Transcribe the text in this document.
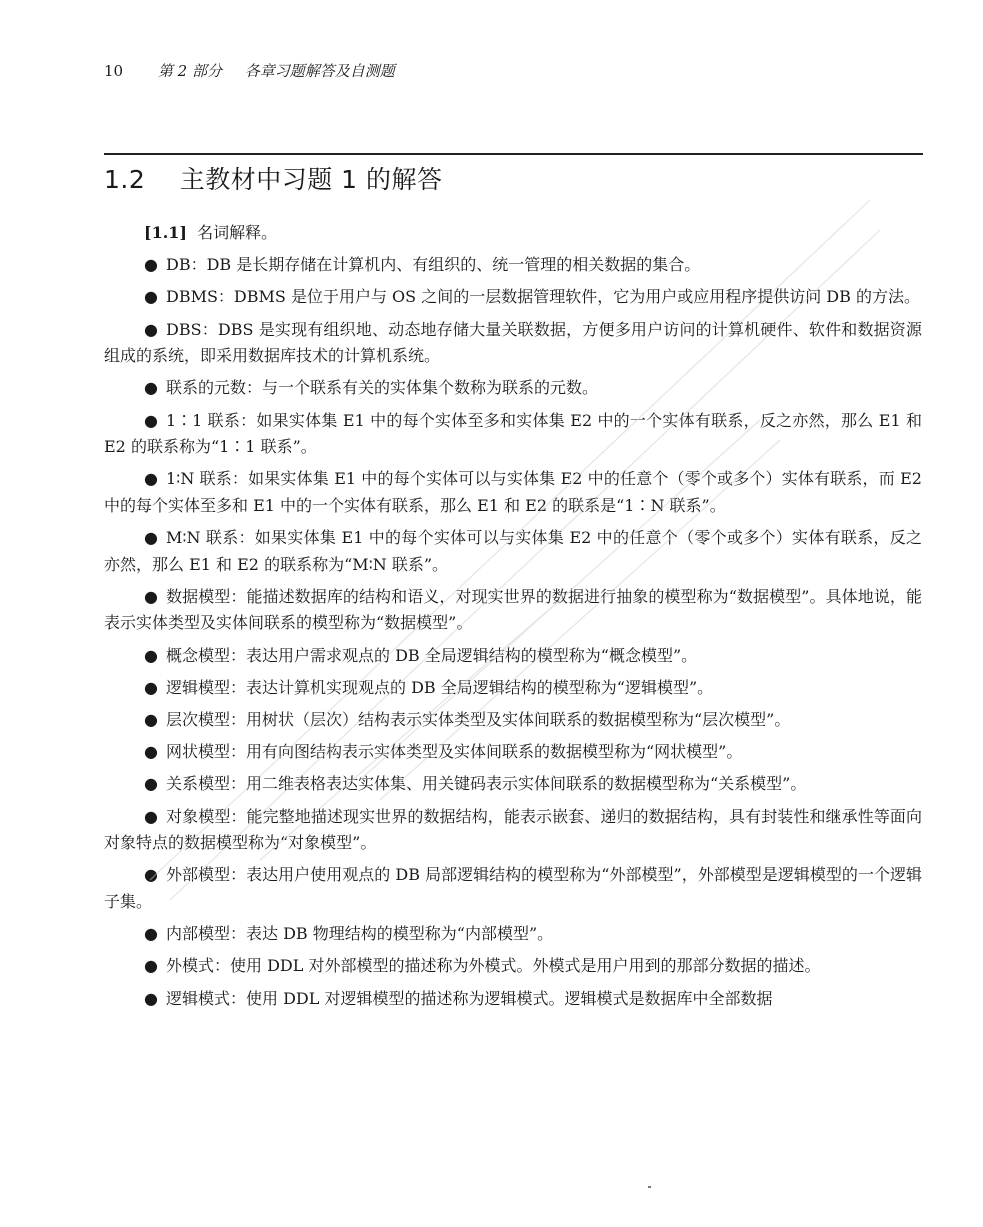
10 第 2 部分 各章习题解答及自测题
1.2 主教材中习题 1 的解答

[1.1] 名词解释。

● DB：DB 是长期存储在计算机内、有组织的、统一管理的相关数据的集合。

● DBMS：DBMS 是位于用户与 OS 之间的一层数据管理软件，它为用户或应用程序提供访问 DB 的方法。

● DBS：DBS 是实现有组织地、动态地存储大量关联数据，方便多用户访问的计算机硬件、软件和数据资源组成的系统，即采用数据库技术的计算机系统。

● 联系的元数：与一个联系有关的实体集个数称为联系的元数。

● 1∶1 联系：如果实体集 E1 中的每个实体至多和实体集 E2 中的一个实体有联系，反之亦然，那么 E1 和 E2 的联系称为“1∶1 联系”。

● 1∶N 联系：如果实体集 E1 中的每个实体可以与实体集 E2 中的任意个（零个或多个）实体有联系，而 E2 中的每个实体至多和 E1 中的一个实体有联系，那么 E1 和 E2 的联系是“1∶N 联系”。

● M∶N 联系：如果实体集 E1 中的每个实体可以与实体集 E2 中的任意个（零个或多个）实体有联系，反之亦然，那么 E1 和 E2 的联系称为“M∶N 联系”。

● 数据模型：能描述数据库的结构和语义，对现实世界的数据进行抽象的模型称为“数据模型”。具体地说，能表示实体类型及实体间联系的模型称为“数据模型”。

● 概念模型：表达用户需求观点的 DB 全局逻辑结构的模型称为“概念模型”。

● 逻辑模型：表达计算机实现观点的 DB 全局逻辑结构的模型称为“逻辑模型”。

● 层次模型：用树状（层次）结构表示实体类型及实体间联系的数据模型称为“层次模型”。

● 网状模型：用有向图结构表示实体类型及实体间联系的数据模型称为“网状模型”。

● 关系模型：用二维表格表达实体集、用关键码表示实体间联系的数据模型称为“关系模型”。

● 对象模型：能完整地描述现实世界的数据结构，能表示嵌套、递归的数据结构，具有封装性和继承性等面向对象特点的数据模型称为“对象模型”。

● 外部模型：表达用户使用观点的 DB 局部逻辑结构的模型称为“外部模型”，外部模型是逻辑模型的一个逻辑子集。

● 内部模型：表达 DB 物理结构的模型称为“内部模型”。

● 外模式：使用 DDL 对外部模型的描述称为外模式。外模式是用户用到的那部分数据的描述。

● 逻辑模式：使用 DDL 对逻辑模型的描述称为逻辑模式。逻辑模式是数据库中全部数据
